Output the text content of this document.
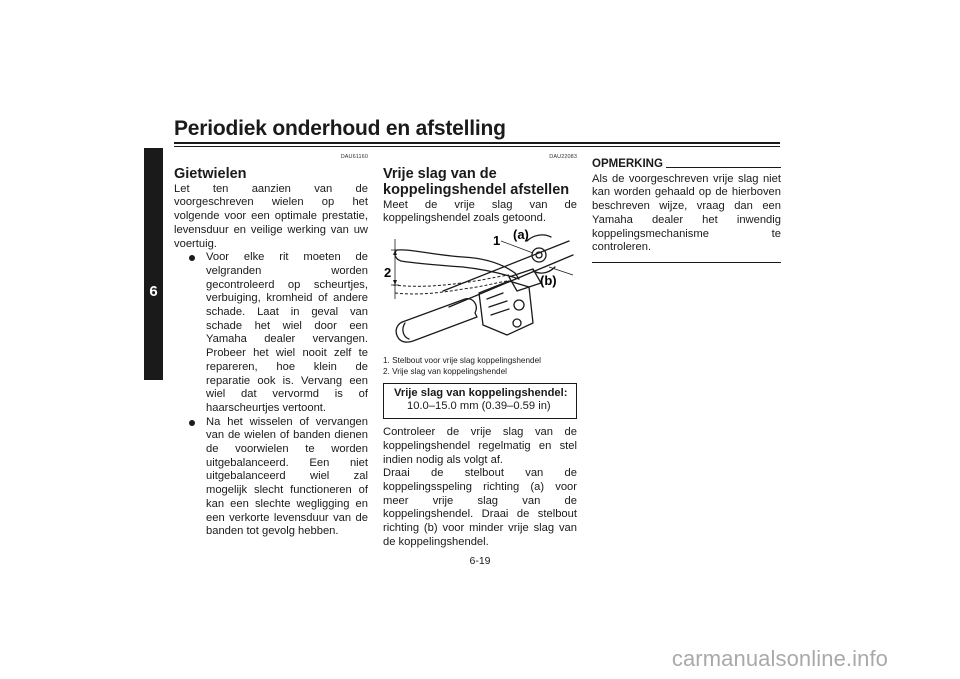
Periodiek onderhoud en afstelling
6
DAU61160
Gietwielen
Let ten aanzien van de voorgeschreven wielen op het volgende voor een optimale prestatie, levensduur en veilige werking van uw voertuig.
Voor elke rit moeten de velgranden worden gecontroleerd op scheurtjes, verbuiging, kromheid of andere schade. Laat in geval van schade het wiel door een Yamaha dealer vervangen. Probeer het wiel nooit zelf te repareren, hoe klein de reparatie ook is. Vervang een wiel dat vervormd is of haarscheurtjes vertoont.
Na het wisselen of vervangen van de wielen of banden dienen de voorwielen te worden uitgebalanceerd. Een niet uitgebalanceerd wiel zal mogelijk slecht functioneren of kan een slechte wegligging en een verkorte levensduur van de banden tot gevolg hebben.
DAU22083
Vrije slag van de koppelingshendel afstellen
Meet de vrije slag van de koppelingshendel zoals getoond.
2
1 (a)
(b)
1. Stelbout voor vrije slag koppelingshendel
2. Vrije slag van koppelingshendel
Vrije slag van koppelingshendel:
10.0–15.0 mm (0.39–0.59 in)
Controleer de vrije slag van de koppelingshendel regelmatig en stel indien nodig als volgt af.
Draai de stelbout van de koppelingsspeling richting (a) voor meer vrije slag van de koppelingshendel. Draai de stelbout richting (b) voor minder vrije slag van de koppelingshendel.
OPMERKING
Als de voorgeschreven vrije slag niet kan worden gehaald op de hierboven beschreven wijze, vraag dan een Yamaha dealer het inwendig koppelingsmechanisme te controleren.
6-19
carmanualsonline.info
